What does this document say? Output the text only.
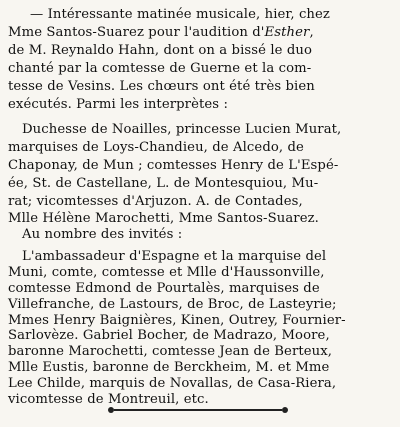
— Intéressante matinée musicale, hier, chez
Mme Santos-Suarez pour l'audition d'Esther,
de M. Reynaldo Hahn, dont on a bissé le duo
chanté par la comtesse de Guerne et la com-
tesse de Vesins. Les chœurs ont été très bien
exécutés. Parmi les interprètes :
Duchesse de Noailles, princesse Lucien Murat,
marquises de Loys-Chandieu, de Alcedo, de
Chaponay, de Mun ; comtesses Henry de L'Espé-
ée, St. de Castellane, L. de Montesquiou, Mu-
rat; vicomtesses d'Arjuzon. A. de Contades,
Mlle Hélène Marochetti, Mme Santos-Suarez.
Au nombre des invités :
L'ambassadeur d'Espagne et la marquise del
Muni, comte, comtesse et Mlle d'Haussonville,
comtesse Edmond de Pourtalès, marquises de
Villefranche, de Lastours, de Broc, de Lasteyrie;
Mmes Henry Baignières, Kinen, Outrey, Fournier-
Sarlovèze. Gabriel Bocher, de Madrazo, Moore,
baronne Marochetti, comtesse Jean de Berteux,
Mlle Eustis, baronne de Berckheim, M. et Mme
Lee Childe, marquis de Novallas, de Casa-Riera,
vicomtesse de Montreuil, etc.
